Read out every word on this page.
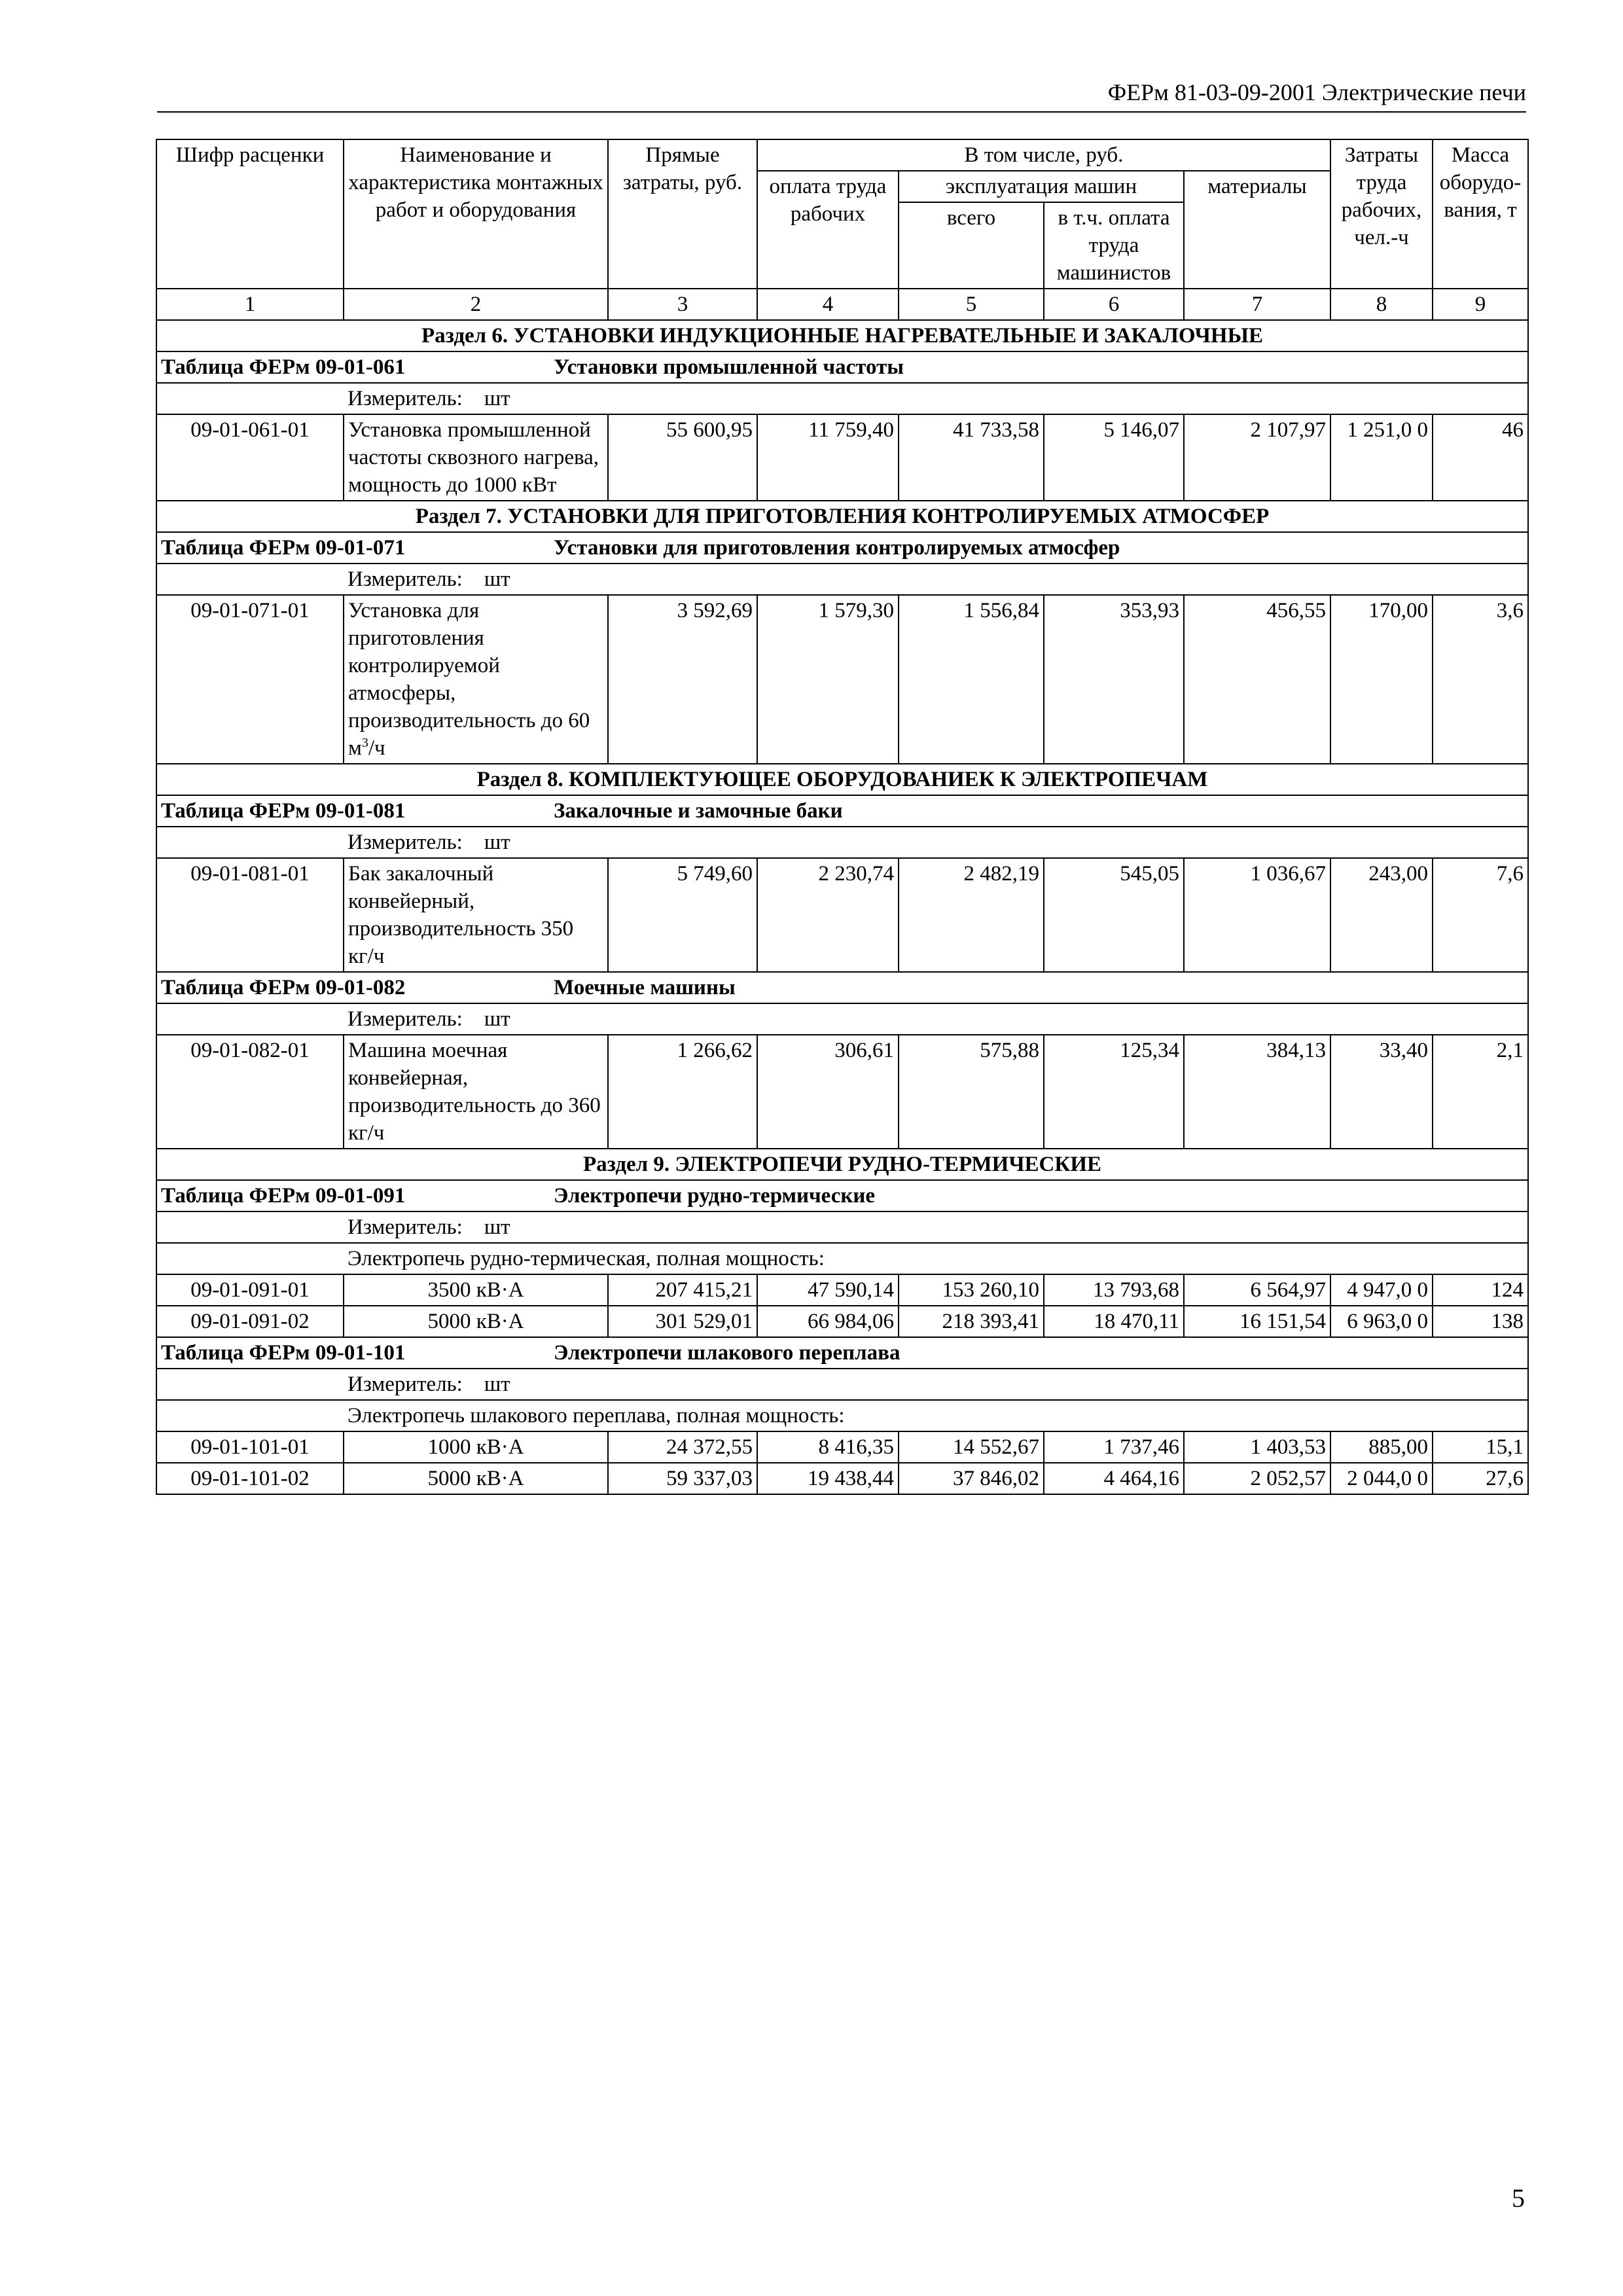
ФЕРм 81-03-09-2001 Электрические печи
Шифр расценки	Наименование и характеристика монтажных работ и оборудования	Прямые затраты, руб.	В том числе, руб.				Затраты труда рабочих, чел.-ч	Масса оборудо-вания, т
			оплата труда рабочих	эксплуатация машин		материалы		
				всего	в т.ч. оплата труда машинистов			
1	2	3	4	5	6	7	8	9
Раздел 6. УСТАНОВКИ ИНДУКЦИОННЫЕ НАГРЕВАТЕЛЬНЫЕ И ЗАКАЛОЧНЫЕ								
Таблица ФЕРм 09-01-061 Установки промышленной частоты								
	Измеритель: шт							
09-01-061-01	Установка промышленной частоты сквозного нагрева, мощность до 1000 кВт	55 600,95	11 759,40	41 733,58	5 146,07	2 107,97	1 251,0 0	46
Раздел 7. УСТАНОВКИ ДЛЯ ПРИГОТОВЛЕНИЯ КОНТРОЛИРУЕМЫХ АТМОСФЕР								
Таблица ФЕРм 09-01-071 Установки для приготовления контролируемых атмосфер								
	Измеритель: шт							
09-01-071-01	Установка для приготовления контролируемой атмосферы, производительность до 60 $м^3/ч$	3 592,69	1 579,30	1 556,84	353,93	456,55	170,00	3,6
Раздел 8. КОМПЛЕКТУЮЩЕЕ ОБОРУДОВАНИЕК К ЭЛЕКТРОПЕЧАМ								
Таблица ФЕРм 09-01-081 Закалочные и замочные баки								
	Измеритель: шт							
09-01-081-01	Бак закалочный конвейерный, производительность 350 кг/ч	5 749,60	2 230,74	2 482,19	545,05	1 036,67	243,00	7,6
Таблица ФЕРм 09-01-082 Моечные машины								
	Измеритель: шт							
09-01-082-01	Машина моечная конвейерная, производительность до 360 кг/ч	1 266,62	306,61	575,88	125,34	384,13	33,40	2,1
Раздел 9. ЭЛЕКТРОПЕЧИ РУДНО-ТЕРМИЧЕСКИЕ								
Таблица ФЕРм 09-01-091 Электропечи рудно-термические								
	Измеритель: шт							
	Электропечь рудно-термическая, полная мощность:							
09-01-091-01	3500 кВ·А	207 415,21	47 590,14	153 260,10	13 793,68	6 564,97	4 947,0 0	124
09-01-091-02	5000 кВ·А	301 529,01	66 984,06	218 393,41	18 470,11	16 151,54	6 963,0 0	138
Таблица ФЕРм 09-01-101 Электропечи шлакового переплава								
	Измеритель: шт							
	Электропечь шлакового переплава, полная мощность:							
09-01-101-01	1000 кВ·А	24 372,55	8 416,35	14 552,67	1 737,46	1 403,53	885,00	15,1
09-01-101-02	5000 кВ·А	59 337,03	19 438,44	37 846,02	4 464,16	2 052,57	2 044,0 0	27,6
5
